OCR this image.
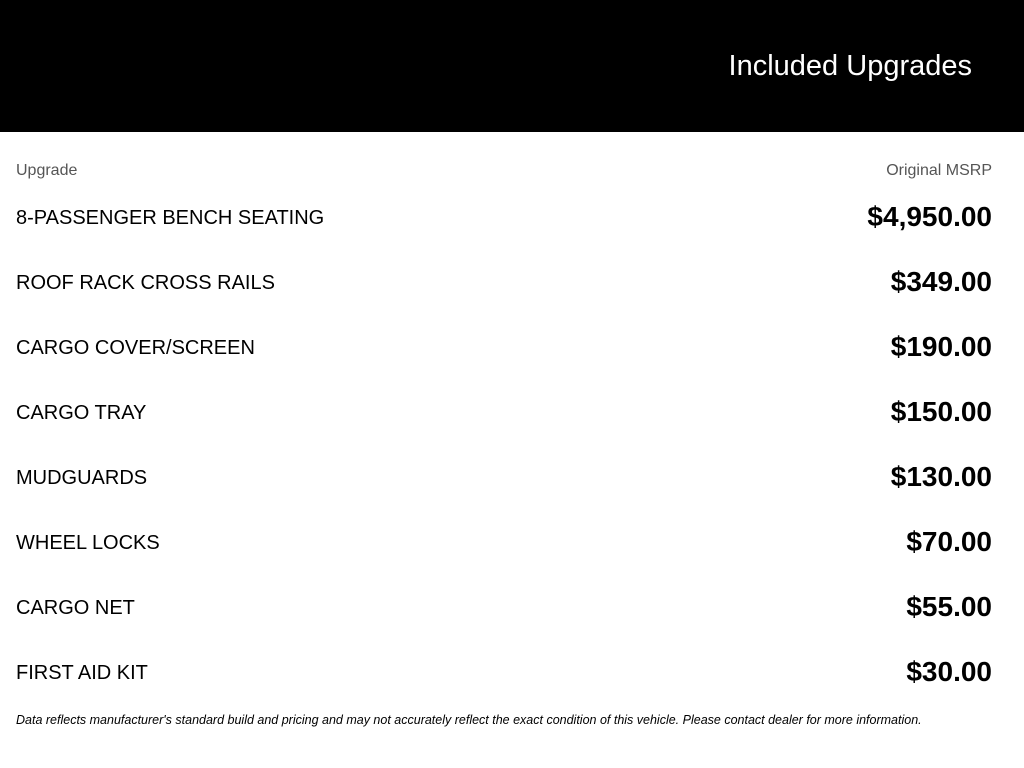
Included Upgrades
Upgrade	Original MSRP
8-PASSENGER BENCH SEATING	$4,950.00
ROOF RACK CROSS RAILS	$349.00
CARGO COVER/SCREEN	$190.00
CARGO TRAY	$150.00
MUDGUARDS	$130.00
WHEEL LOCKS	$70.00
CARGO NET	$55.00
FIRST AID KIT	$30.00
Data reflects manufacturer's standard build and pricing and may not accurately reflect the exact condition of this vehicle. Please contact dealer for more information.
